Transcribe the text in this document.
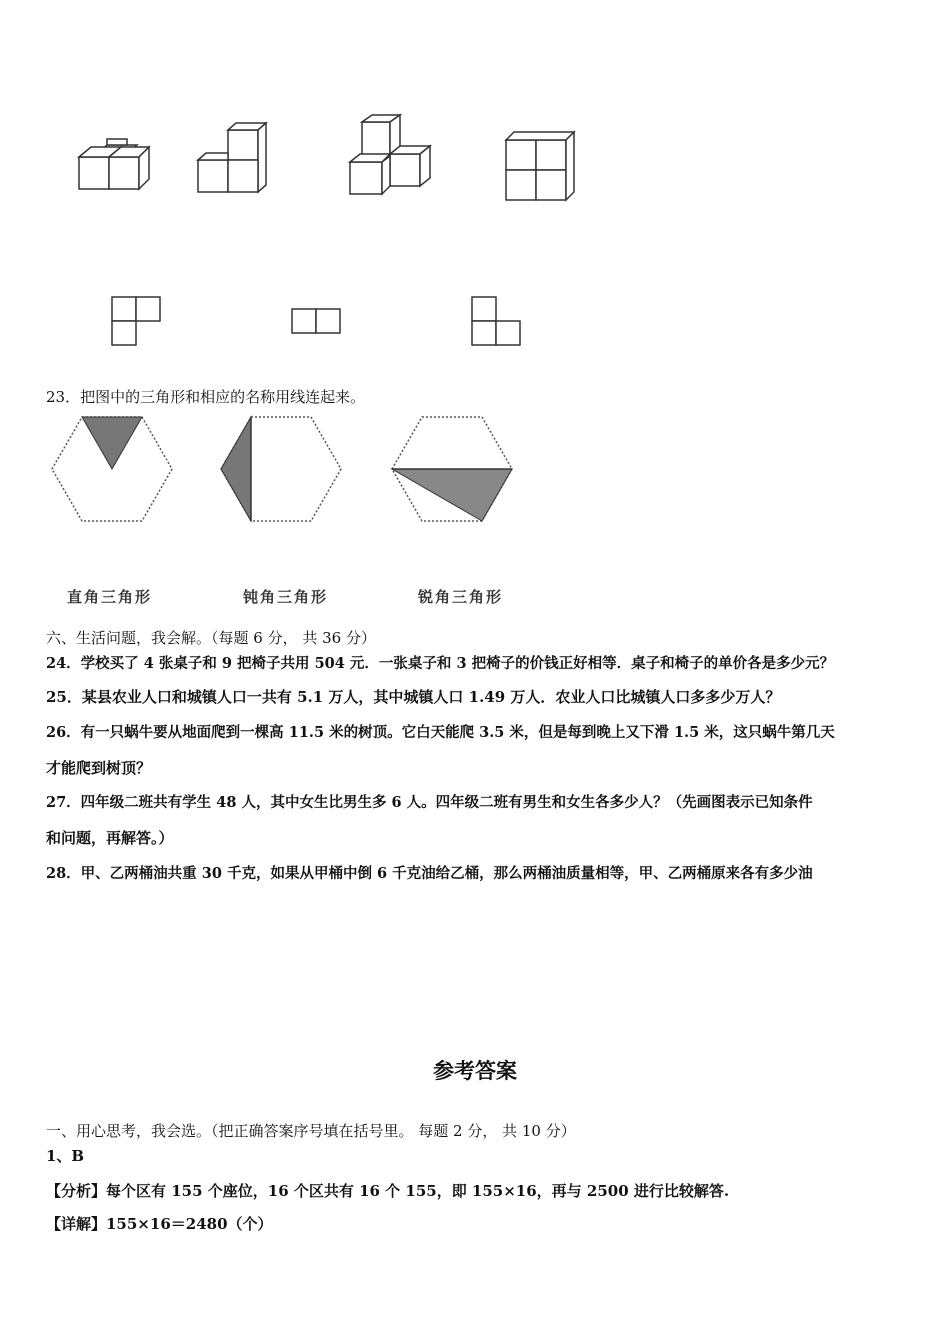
23．把图中的三角形和相应的名称用线连起来。
直角三角形	钝角三角形	锐角三角形
六、生活问题，我会解。（每题 6 分， 共 36 分）
24．学校买了 4 张桌子和 9 把椅子共用 504 元．一张桌子和 3 把椅子的价钱正好相等．桌子和椅子的单价各是多少元？
25．某县农业人口和城镇人口一共有 5.1 万人，其中城镇人口 1.49 万人．农业人口比城镇人口多多少万人？
26．有一只蜗牛要从地面爬到一棵高 11.5 米的树顶。它白天能爬 3.5 米，但是每到晚上又下滑 1.5 米，这只蜗牛第几天
才能爬到树顶？
27．四年级二班共有学生 48 人，其中女生比男生多 6 人。四年级二班有男生和女生各多少人？（先画图表示已知条件
和问题，再解答。）
28．甲、乙两桶油共重 30 千克，如果从甲桶中倒 6 千克油给乙桶，那么两桶油质量相等，甲、乙两桶原来各有多少油
参考答案
一、用心思考，我会选。（把正确答案序号填在括号里。 每题 2 分， 共 10 分）
1、B
【分析】每个区有 155 个座位，16 个区共有 16 个 155，即 155×16，再与 2500 进行比较解答.
【详解】155×16＝2480（个）
